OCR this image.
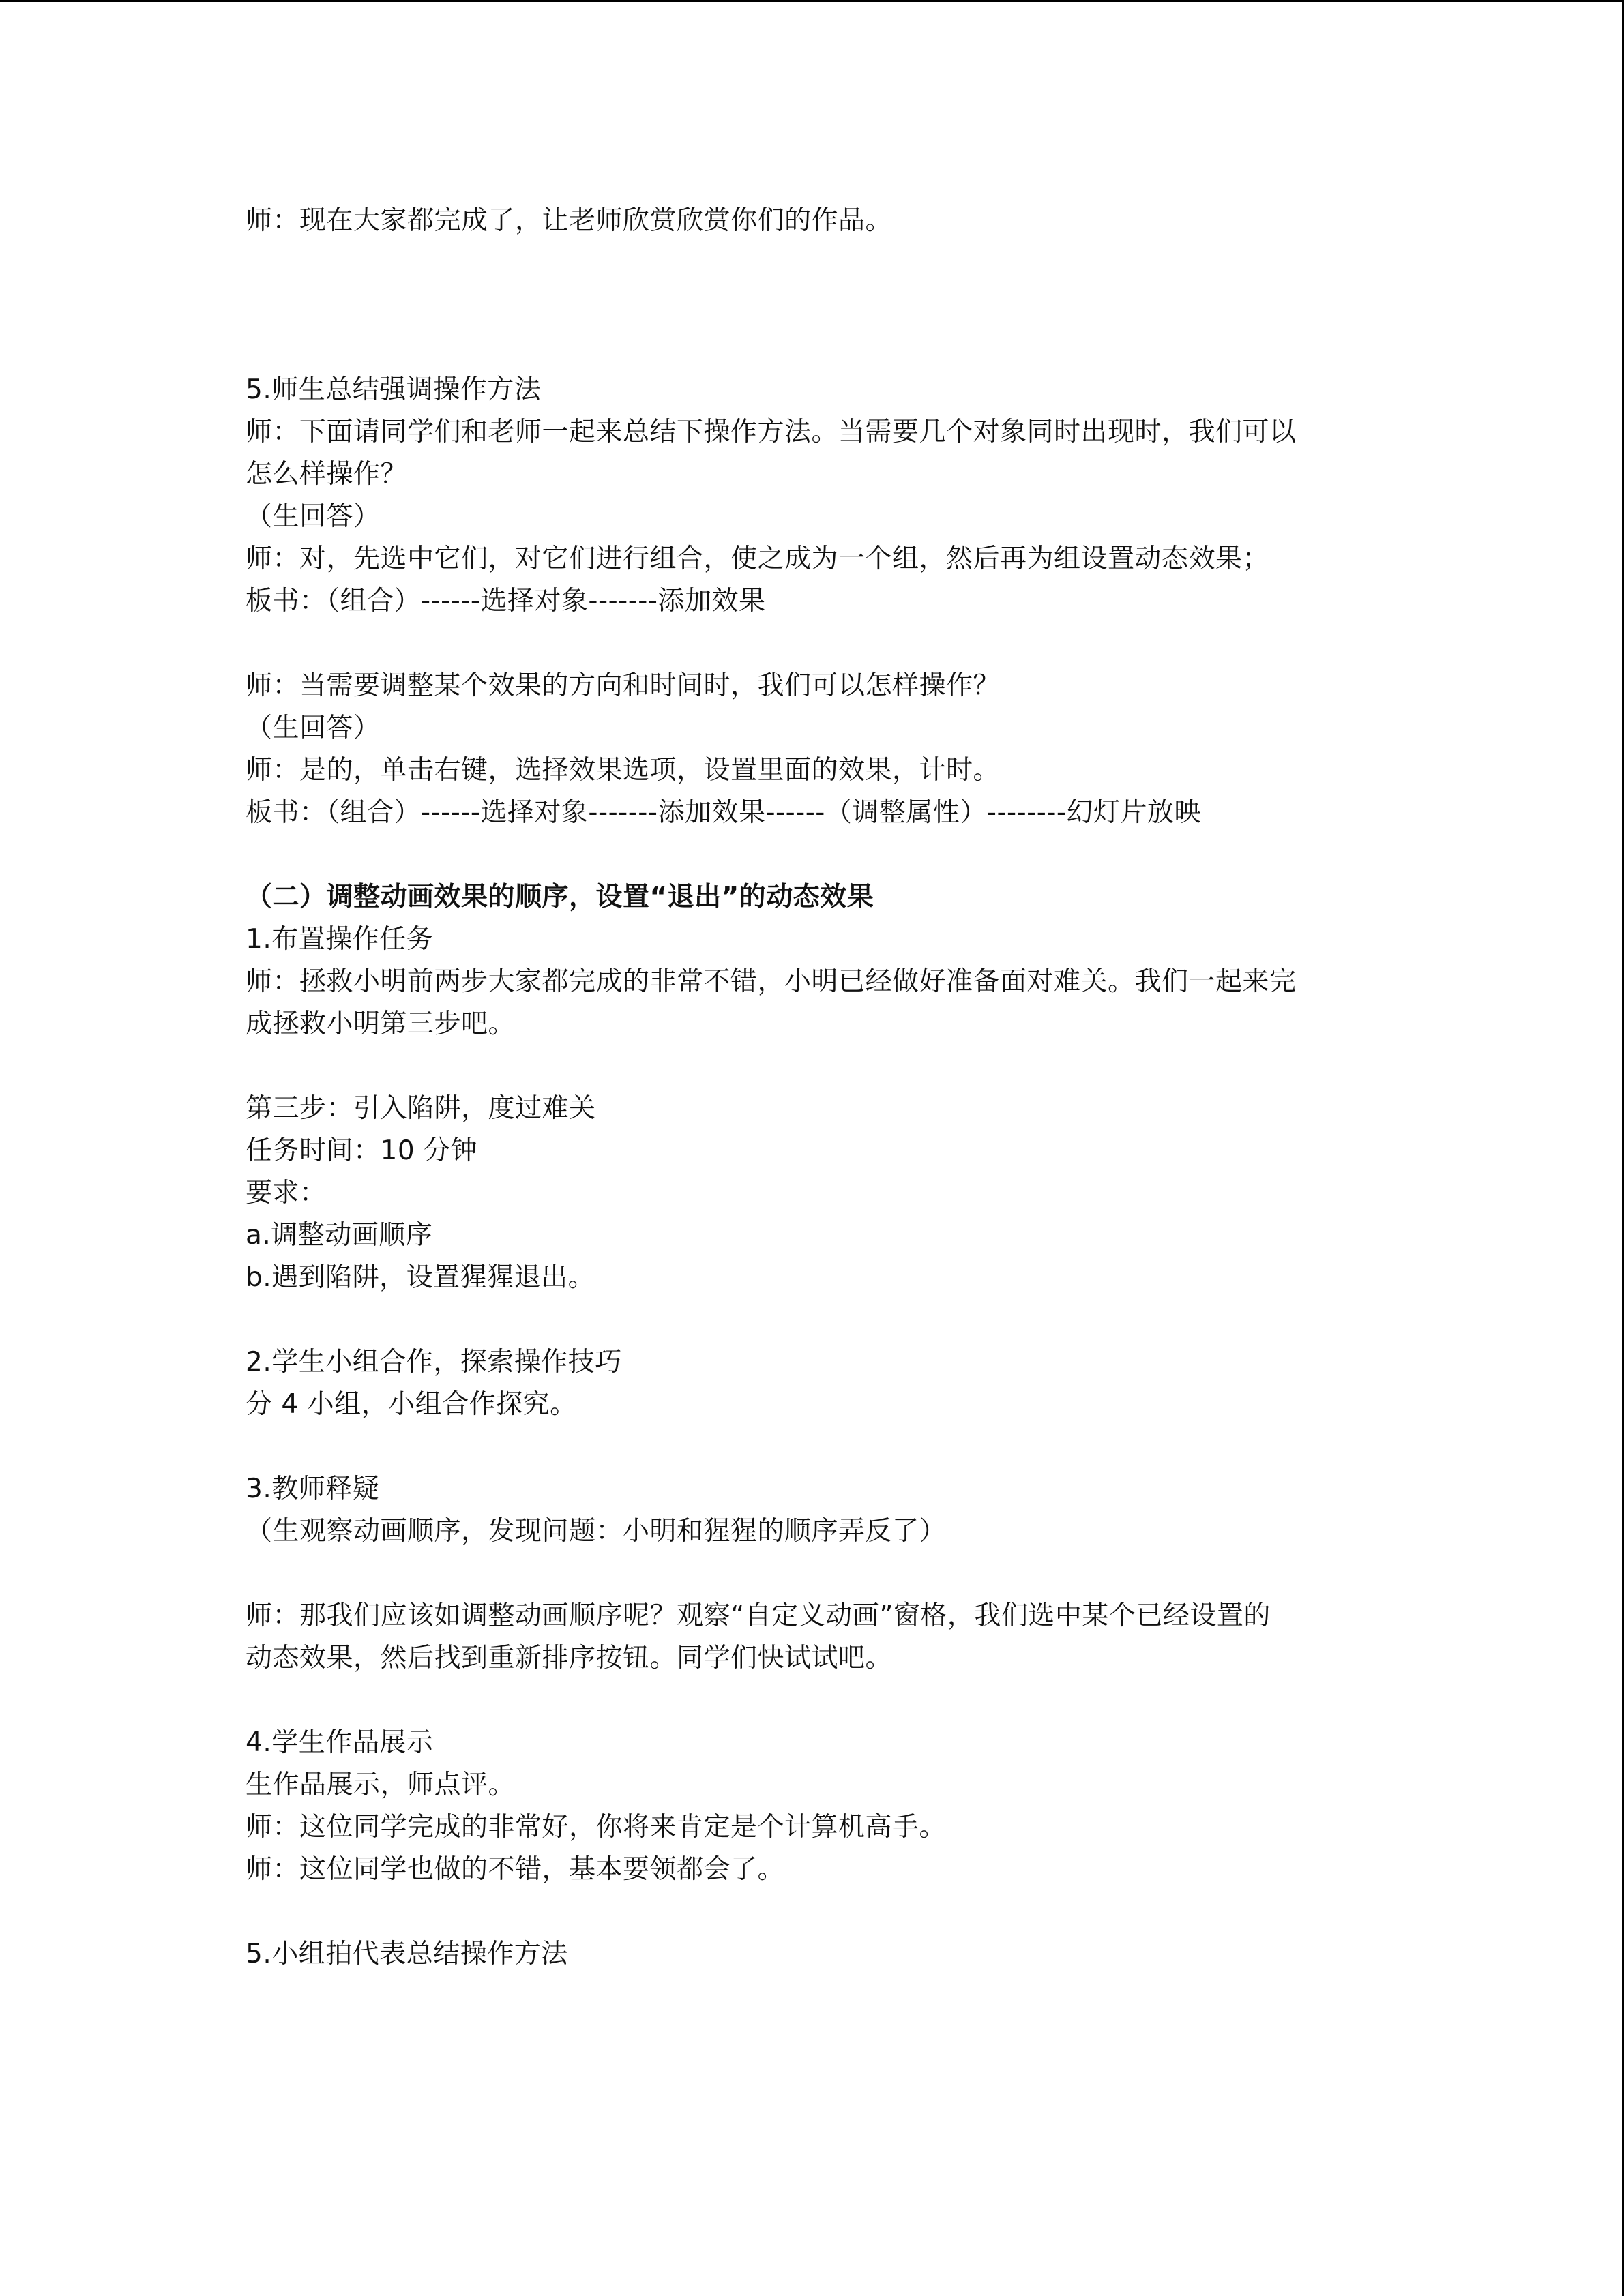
师：现在大家都完成了，让老师欣赏欣赏你们的作品。

5.师生总结强调操作方法

师：下面请同学们和老师一起来总结下操作方法。当需要几个对象同时出现时，我们可以

怎么样操作？

（生回答）

师：对，先选中它们，对它们进行组合，使之成为一个组，然后再为组设置动态效果；

板书：（组合）------选择对象-------添加效果

师：当需要调整某个效果的方向和时间时，我们可以怎样操作？

（生回答）

师：是的，单击右键，选择效果选项，设置里面的效果，计时。

板书：（组合）------选择对象-------添加效果------（调整属性）--------幻灯片放映

（二）调整动画效果的顺序，设置“退出”的动态效果

1.布置操作任务

师：拯救小明前两步大家都完成的非常不错，小明已经做好准备面对难关。我们一起来完

成拯救小明第三步吧。

第三步：引入陷阱，度过难关

任务时间：10 分钟

要求：

a.调整动画顺序

b.遇到陷阱，设置猩猩退出。

2.学生小组合作，探索操作技巧

分 4 小组，小组合作探究。

3.教师释疑

（生观察动画顺序，发现问题：小明和猩猩的顺序弄反了）

师：那我们应该如调整动画顺序呢？观察“自定义动画”窗格，我们选中某个已经设置的

动态效果，然后找到重新排序按钮。同学们快试试吧。

4.学生作品展示

生作品展示，师点评。

师：这位同学完成的非常好，你将来肯定是个计算机高手。

师：这位同学也做的不错，基本要领都会了。

5.小组拍代表总结操作方法
